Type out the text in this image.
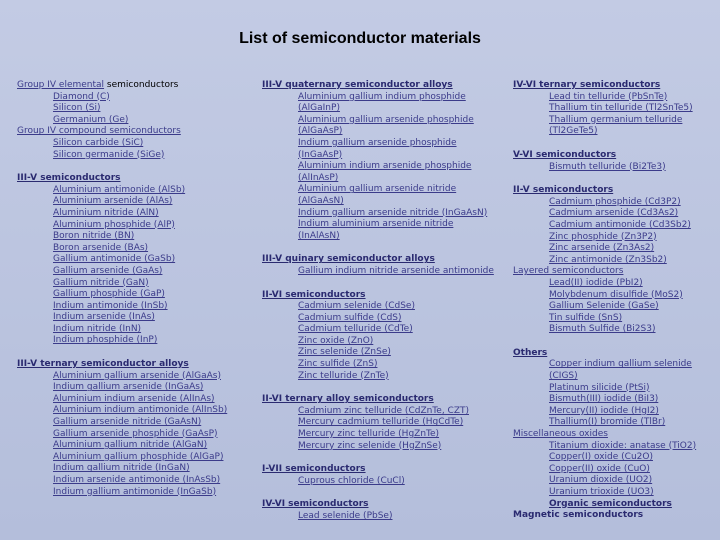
List of semiconductor materials
Group IV elemental semiconductors
Diamond (C)
Silicon (Si)
Germanium (Ge)
Group IV compound semiconductors
Silicon carbide (SiC)
Silicon germanide (SiGe)
III-V semiconductors
Aluminium antimonide (AlSb)
Aluminium arsenide (AlAs)
Aluminium nitride (AlN)
Aluminium phosphide (AlP)
Boron nitride (BN)
Boron arsenide (BAs)
Gallium antimonide (GaSb)
Gallium arsenide (GaAs)
Gallium nitride (GaN)
Gallium phosphide (GaP)
Indium antimonide (InSb)
Indium arsenide (InAs)
Indium nitride (InN)
Indium phosphide (InP)
III-V ternary semiconductor alloys
Aluminium gallium arsenide (AlGaAs)
Indium gallium arsenide (InGaAs)
Aluminium indium arsenide (AlInAs)
Aluminium indium antimonide (AlInSb)
Gallium arsenide nitride (GaAsN)
Gallium arsenide phosphide (GaAsP)
Aluminium gallium nitride (AlGaN)
Aluminium gallium phosphide (AlGaP)
Indium gallium nitride (InGaN)
Indium arsenide antimonide (InAsSb)
Indium gallium antimonide (InGaSb)
III-V quaternary semiconductor alloys
Aluminium gallium indium phosphide
(AlGaInP)
Aluminium gallium arsenide phosphide
(AlGaAsP)
Indium gallium arsenide phosphide
(InGaAsP)
Aluminium indium arsenide phosphide
(AlInAsP)
Aluminium gallium arsenide nitride
(AlGaAsN)
Indium gallium arsenide nitride (InGaAsN)
Indium aluminium arsenide nitride
(InAlAsN)
III-V quinary semiconductor alloys
Gallium indium nitride arsenide antimonide
II-VI semiconductors
Cadmium selenide (CdSe)
Cadmium sulfide (CdS)
Cadmium telluride (CdTe)
Zinc oxide (ZnO)
Zinc selenide (ZnSe)
Zinc sulfide (ZnS)
Zinc telluride (ZnTe)
II-VI ternary alloy semiconductors
Cadmium zinc telluride (CdZnTe, CZT)
Mercury cadmium telluride (HgCdTe)
Mercury zinc telluride (HgZnTe)
Mercury zinc selenide (HgZnSe)
I-VII semiconductors
Cuprous chloride (CuCl)
IV-VI semiconductors
Lead selenide (PbSe)
IV-VI ternary semiconductors
Lead tin telluride (PbSnTe)
Thallium tin telluride (Tl2SnTe5)
Thallium germanium telluride
(Tl2GeTe5)
V-VI semiconductors
Bismuth telluride (Bi2Te3)
II-V semiconductors
Cadmium phosphide (Cd3P2)
Cadmium arsenide (Cd3As2)
Cadmium antimonide (Cd3Sb2)
Zinc phosphide (Zn3P2)
Zinc arsenide (Zn3As2)
Zinc antimonide (Zn3Sb2)
Layered semiconductors
Lead(II) iodide (PbI2)
Molybdenum disulfide (MoS2)
Gallium Selenide (GaSe)
Tin sulfide (SnS)
Bismuth Sulfide (Bi2S3)
Others
Copper indium gallium selenide
(CIGS)
Platinum silicide (PtSi)
Bismuth(III) iodide (BiI3)
Mercury(II) iodide (HgI2)
Thallium(I) bromide (TlBr)
Miscellaneous oxides
Titanium dioxide: anatase (TiO2)
Copper(I) oxide (Cu2O)
Copper(II) oxide (CuO)
Uranium dioxide (UO2)
Uranium trioxide (UO3)
Organic semiconductors
Magnetic semiconductors
